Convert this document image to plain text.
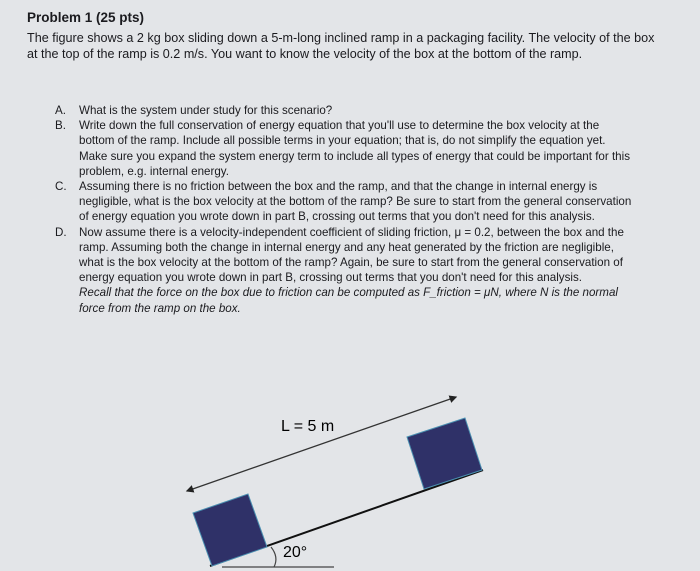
Problem 1 (25 pts)
The figure shows a 2 kg box sliding down a 5-m-long inclined ramp in a packaging facility. The velocity of the box at the top of the ramp is 0.2 m/s. You want to know the velocity of the box at the bottom of the ramp.
A.	What is the system under study for this scenario?
B.	Write down the full conservation of energy equation that you'll use to determine the box velocity at the bottom of the ramp. Include all possible terms in your equation; that is, do not simplify the equation yet. Make sure you expand the system energy term to include all types of energy that could be important for this problem, e.g. internal energy.
C.	Assuming there is no friction between the box and the ramp, and that the change in internal energy is negligible, what is the box velocity at the bottom of the ramp? Be sure to start from the general conservation of energy equation you wrote down in part B, crossing out terms that you don't need for this analysis.
D.	Now assume there is a velocity-independent coefficient of sliding friction, μ = 0.2, between the box and the ramp. Assuming both the change in internal energy and any heat generated by the friction are negligible, what is the box velocity at the bottom of the ramp? Again, be sure to start from the general conservation of energy equation you wrote down in part B, crossing out terms that you don't need for this analysis.
Recall that the force on the box due to friction can be computed as F_friction = μN, where N is the normal force from the ramp on the box.
L = 5 m
20°
